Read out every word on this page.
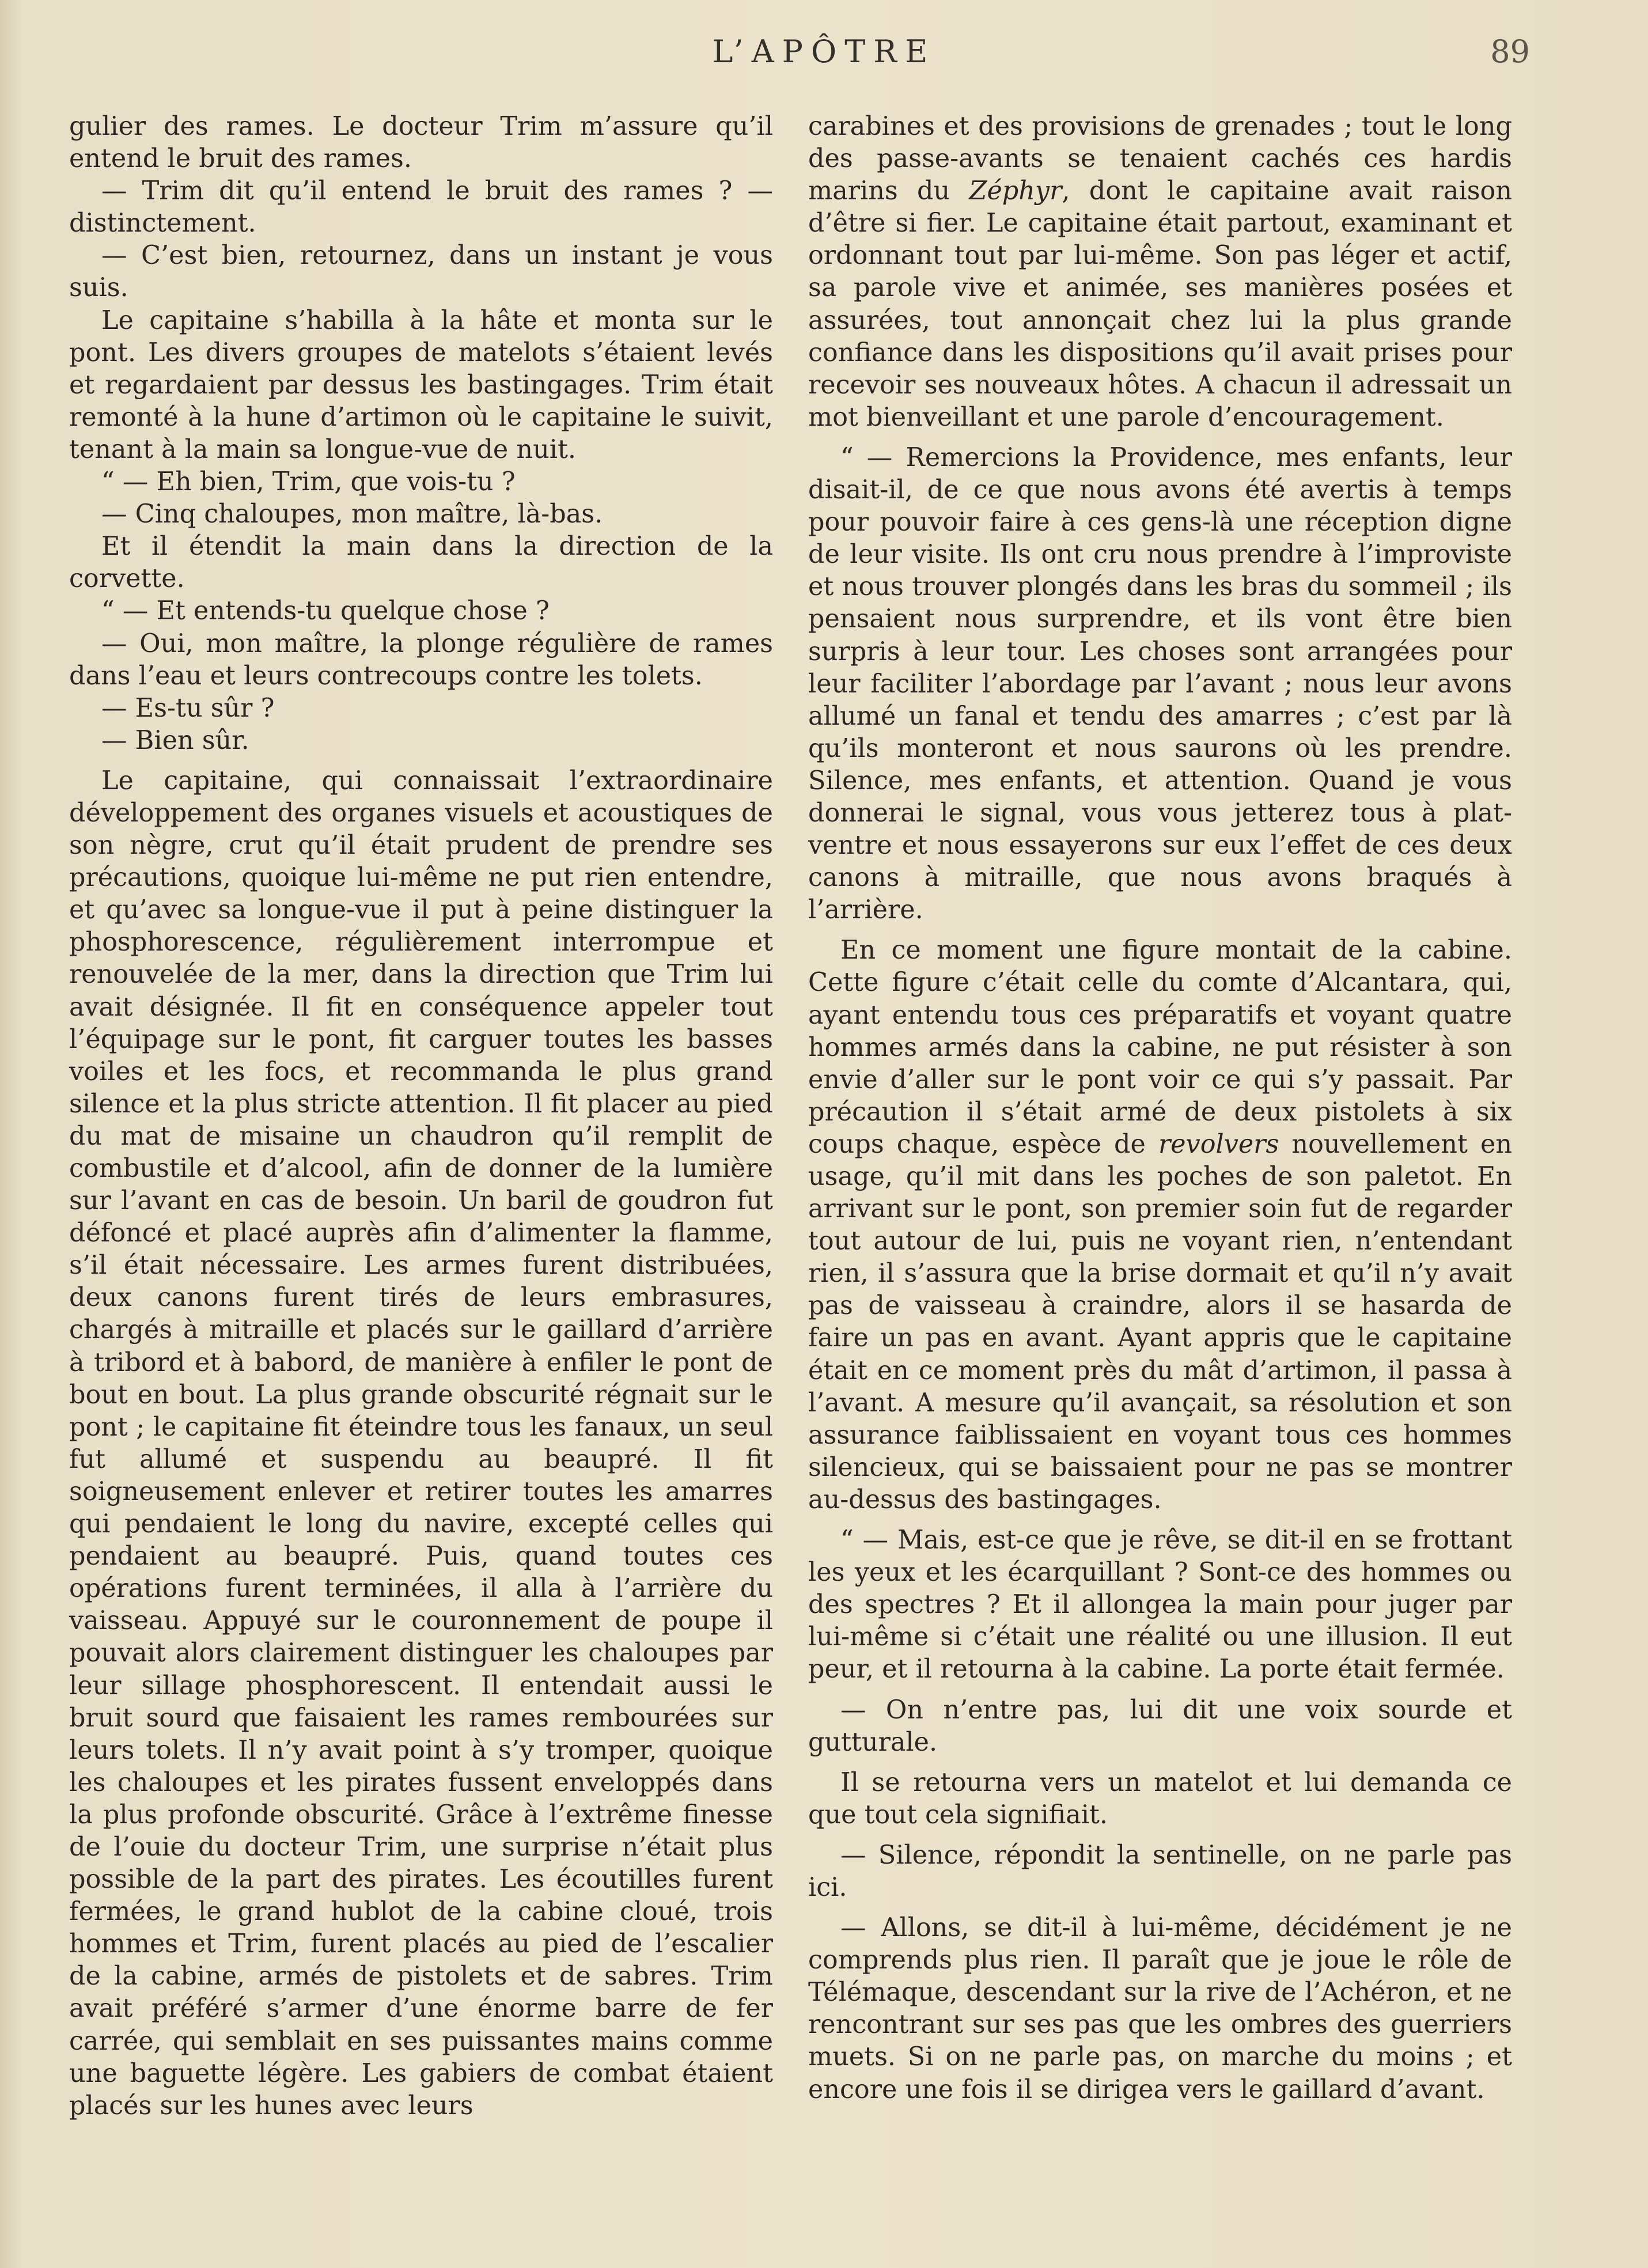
L’APÔTRE	89

gulier des rames. Le docteur Trim m’assure qu’il entend le bruit des rames.

— Trim dit qu’il entend le bruit des rames ? — distinctement.

— C’est bien, retournez, dans un instant je vous suis.

Le capitaine s’habilla à la hâte et monta sur le pont. Les divers groupes de matelots s’étaient levés et regardaient par dessus les bastingages. Trim était remonté à la hune d’artimon où le capitaine le suivit, tenant à la main sa longue-vue de nuit.

“ — Eh bien, Trim, que vois-tu ?

— Cinq chaloupes, mon maître, là-bas.

Et il étendit la main dans la direction de la corvette.

“ — Et entends-tu quelque chose ?

— Oui, mon maître, la plonge régulière de rames dans l’eau et leurs contrecoups contre les tolets.

— Es-tu sûr ?

— Bien sûr.

Le capitaine, qui connaissait l’extraordinaire développement des organes visuels et acoustiques de son nègre, crut qu’il était prudent de prendre ses précautions, quoique lui-même ne put rien entendre, et qu’avec sa longue-vue il put à peine distinguer la phosphorescence, régulièrement interrompue et renouvelée de la mer, dans la direction que Trim lui avait désignée. Il fit en conséquence appeler tout l’équipage sur le pont, fit carguer toutes les basses voiles et les focs, et recommanda le plus grand silence et la plus stricte attention. Il fit placer au pied du mat de misaine un chaudron qu’il remplit de combustile et d’alcool, afin de donner de la lumière sur l’avant en cas de besoin. Un baril de goudron fut défoncé et placé auprès afin d’alimenter la flamme, s’il était nécessaire. Les armes furent distribuées, deux canons furent tirés de leurs embrasures, chargés à mitraille et placés sur le gaillard d’arrière à tribord et à babord, de manière à enfiler le pont de bout en bout. La plus grande obscurité régnait sur le pont ; le capitaine fit éteindre tous les fanaux, un seul fut allumé et suspendu au beaupré. Il fit soigneusement enlever et retirer toutes les amarres qui pendaient le long du navire, excepté celles qui pendaient au beaupré. Puis, quand toutes ces opérations furent terminées, il alla à l’arrière du vaisseau. Appuyé sur le couronnement de poupe il pouvait alors clairement distinguer les chaloupes par leur sillage phosphorescent. Il entendait aussi le bruit sourd que faisaient les rames rembourées sur leurs tolets. Il n’y avait point à s’y tromper, quoique les chaloupes et les pirates fussent enveloppés dans la plus profonde obscurité. Grâce à l’extrême finesse de l’ouie du docteur Trim, une surprise n’était plus possible de la part des pirates. Les écoutilles furent fermées, le grand hublot de la cabine cloué, trois hommes et Trim, furent placés au pied de l’escalier de la cabine, armés de pistolets et de sabres. Trim avait préféré s’armer d’une énorme barre de fer carrée, qui semblait en ses puissantes mains comme une baguette légère. Les gabiers de combat étaient placés sur les hunes avec leurs

carabines et des provisions de grenades ; tout le long des passe-avants se tenaient cachés ces hardis marins du Zéphyr, dont le capitaine avait raison d’être si fier. Le capitaine était partout, examinant et ordonnant tout par lui-même. Son pas léger et actif, sa parole vive et animée, ses manières posées et assurées, tout annonçait chez lui la plus grande confiance dans les dispositions qu’il avait prises pour recevoir ses nouveaux hôtes. A chacun il adressait un mot bienveillant et une parole d’encouragement.

“ — Remercions la Providence, mes enfants, leur disait-il, de ce que nous avons été avertis à temps pour pouvoir faire à ces gens-là une réception digne de leur visite. Ils ont cru nous prendre à l’improviste et nous trouver plongés dans les bras du sommeil ; ils pensaient nous surprendre, et ils vont être bien surpris à leur tour. Les choses sont arrangées pour leur faciliter l’abordage par l’avant ; nous leur avons allumé un fanal et tendu des amarres ; c’est par là qu’ils monteront et nous saurons où les prendre. Silence, mes enfants, et attention. Quand je vous donnerai le signal, vous vous jetterez tous à plat-ventre et nous essayerons sur eux l’effet de ces deux canons à mitraille, que nous avons braqués à l’arrière.

En ce moment une figure montait de la cabine. Cette figure c’était celle du comte d’Alcantara, qui, ayant entendu tous ces préparatifs et voyant quatre hommes armés dans la cabine, ne put résister à son envie d’aller sur le pont voir ce qui s’y passait. Par précaution il s’était armé de deux pistolets à six coups chaque, espèce de revolvers nouvellement en usage, qu’il mit dans les poches de son paletot. En arrivant sur le pont, son premier soin fut de regarder tout autour de lui, puis ne voyant rien, n’entendant rien, il s’assura que la brise dormait et qu’il n’y avait pas de vaisseau à craindre, alors il se hasarda de faire un pas en avant. Ayant appris que le capitaine était en ce moment près du mât d’artimon, il passa à l’avant. A mesure qu’il avançait, sa résolution et son assurance faiblissaient en voyant tous ces hommes silencieux, qui se baissaient pour ne pas se montrer au-dessus des bastingages.

“ — Mais, est-ce que je rêve, se dit-il en se frottant les yeux et les écarquillant ? Sont-ce des hommes ou des spectres ? Et il allongea la main pour juger par lui-même si c’était une réalité ou une illusion. Il eut peur, et il retourna à la cabine. La porte était fermée.

— On n’entre pas, lui dit une voix sourde et gutturale.

Il se retourna vers un matelot et lui demanda ce que tout cela signifiait.

— Silence, répondit la sentinelle, on ne parle pas ici.

— Allons, se dit-il à lui-même, décidément je ne comprends plus rien. Il paraît que je joue le rôle de Télémaque, descendant sur la rive de l’Achéron, et ne rencontrant sur ses pas que les ombres des guerriers muets. Si on ne parle pas, on marche du moins ; et encore une fois il se dirigea vers le gaillard d’avant.
